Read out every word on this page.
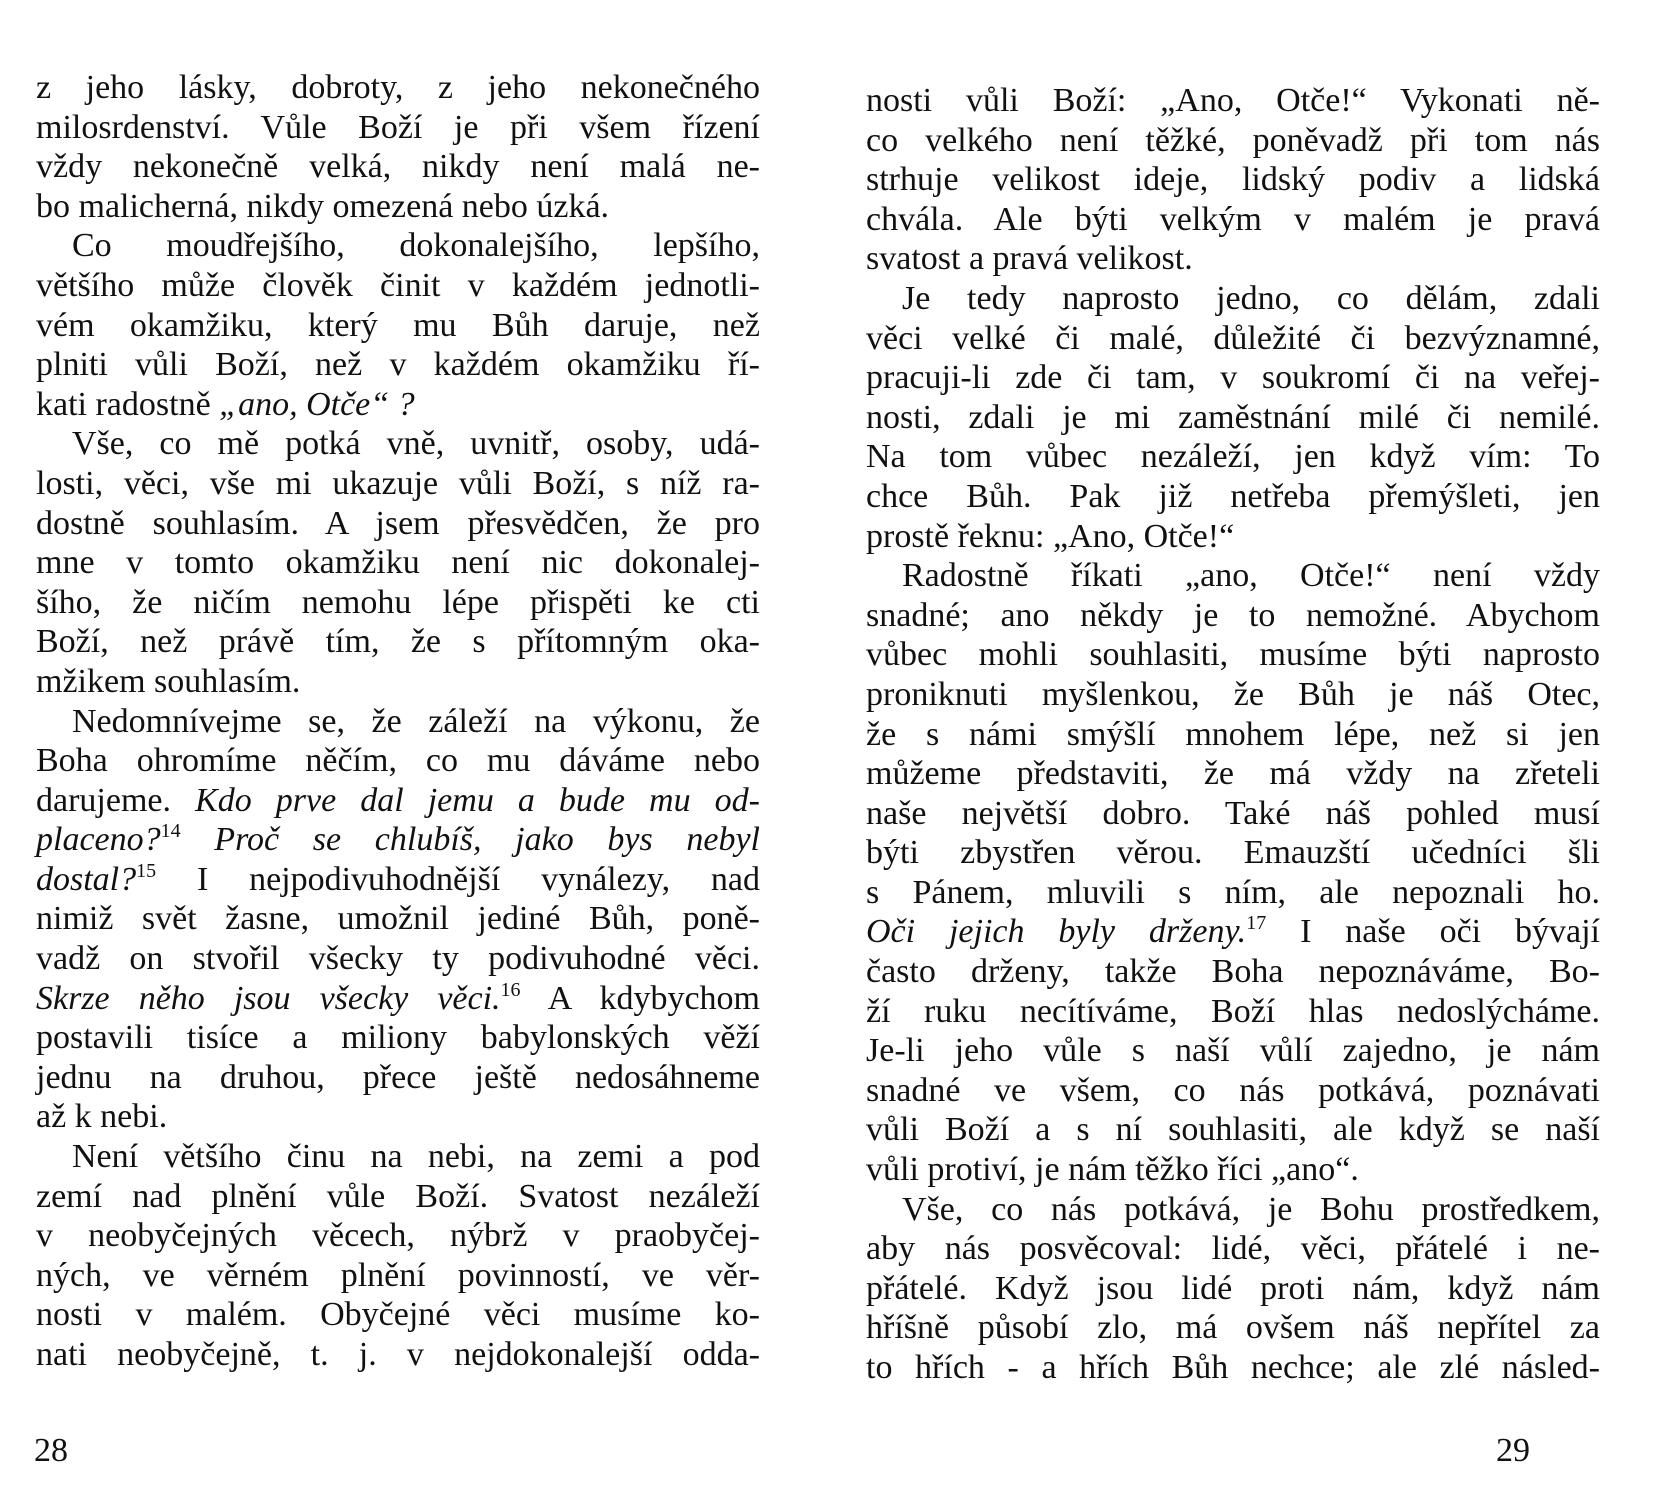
z jeho lásky, dobroty, z jeho nekonečného
milosrdenství. Vůle Boží je při všem řízení
vždy nekonečně velká, nikdy není malá ne-
bo malicherná, nikdy omezená nebo úzká.
Co moudřejšího, dokonalejšího, lepšího,
většího může člověk činit v každém jednotli-
vém okamžiku, který mu Bůh daruje, než
plniti vůli Boží, než v každém okamžiku ří-
kati radostně „ano, Otče“ ?
Vše, co mě potká vně, uvnitř, osoby, udá-
losti, věci, vše mi ukazuje vůli Boží, s níž ra-
dostně souhlasím. A jsem přesvědčen, že pro
mne v tomto okamžiku není nic dokonalej-
šího, že ničím nemohu lépe přispěti ke cti
Boží, než právě tím, že s přítomným oka-
mžikem souhlasím.
Nedomnívejme se, že záleží na výkonu, že
Boha ohromíme něčím, co mu dáváme nebo
darujeme. Kdo prve dal jemu a bude mu od-
placeno?$^{14}$ Proč se chlubíš, jako bys nebyl
dostal?$^{15}$ I nejpodivuhodnější vynálezy, nad
nimiž svět žasne, umožnil jediné Bůh, poně-
vadž on stvořil všecky ty podivuhodné věci.
Skrze něho jsou všecky věci.$^{16}$ A kdybychom
postavili tisíce a miliony babylonských věží
jednu na druhou, přece ještě nedosáhneme
až k nebi.
Není většího činu na nebi, na zemi a pod
zemí nad plnění vůle Boží. Svatost nezáleží
v neobyčejných věcech, nýbrž v praobyčej-
ných, ve věrném plnění povinností, ve věr-
nosti v malém. Obyčejné věci musíme ko-
nati neobyčejně, t. j. v nejdokonalejší odda-
28
nosti vůli Boží: „Ano, Otče!“ Vykonati ně-
co velkého není těžké, poněvadž při tom nás
strhuje velikost ideje, lidský podiv a lidská
chvála. Ale býti velkým v malém je pravá
svatost a pravá velikost.
Je tedy naprosto jedno, co dělám, zdali
věci velké či malé, důležité či bezvýznamné,
pracuji-li zde či tam, v soukromí či na veřej-
nosti, zdali je mi zaměstnání milé či nemilé.
Na tom vůbec nezáleží, jen když vím: To
chce Bůh. Pak již netřeba přemýšleti, jen
prostě řeknu: „Ano, Otče!“
Radostně říkati „ano, Otče!“ není vždy
snadné; ano někdy je to nemožné. Abychom
vůbec mohli souhlasiti, musíme býti naprosto
proniknuti myšlenkou, že Bůh je náš Otec,
že s námi smýšlí mnohem lépe, než si jen
můžeme představiti, že má vždy na zřeteli
naše největší dobro. Také náš pohled musí
býti zbystřen věrou. Emauzští učedníci šli
s Pánem, mluvili s ním, ale nepoznali ho.
Oči jejich byly drženy.$^{17}$ I naše oči bývají
často drženy, takže Boha nepoznáváme, Bo-
ží ruku necítíváme, Boží hlas nedoslýcháme.
Je-li jeho vůle s naší vůlí zajedno, je nám
snadné ve všem, co nás potkává, poznávati
vůli Boží a s ní souhlasiti, ale když se naší
vůli protiví, je nám těžko říci „ano“.
Vše, co nás potkává, je Bohu prostředkem,
aby nás posvěcoval: lidé, věci, přátelé i ne-
přátelé. Když jsou lidé proti nám, když nám
hříšně působí zlo, má ovšem náš nepřítel za
to hřích - a hřích Bůh nechce; ale zlé násled-
29
